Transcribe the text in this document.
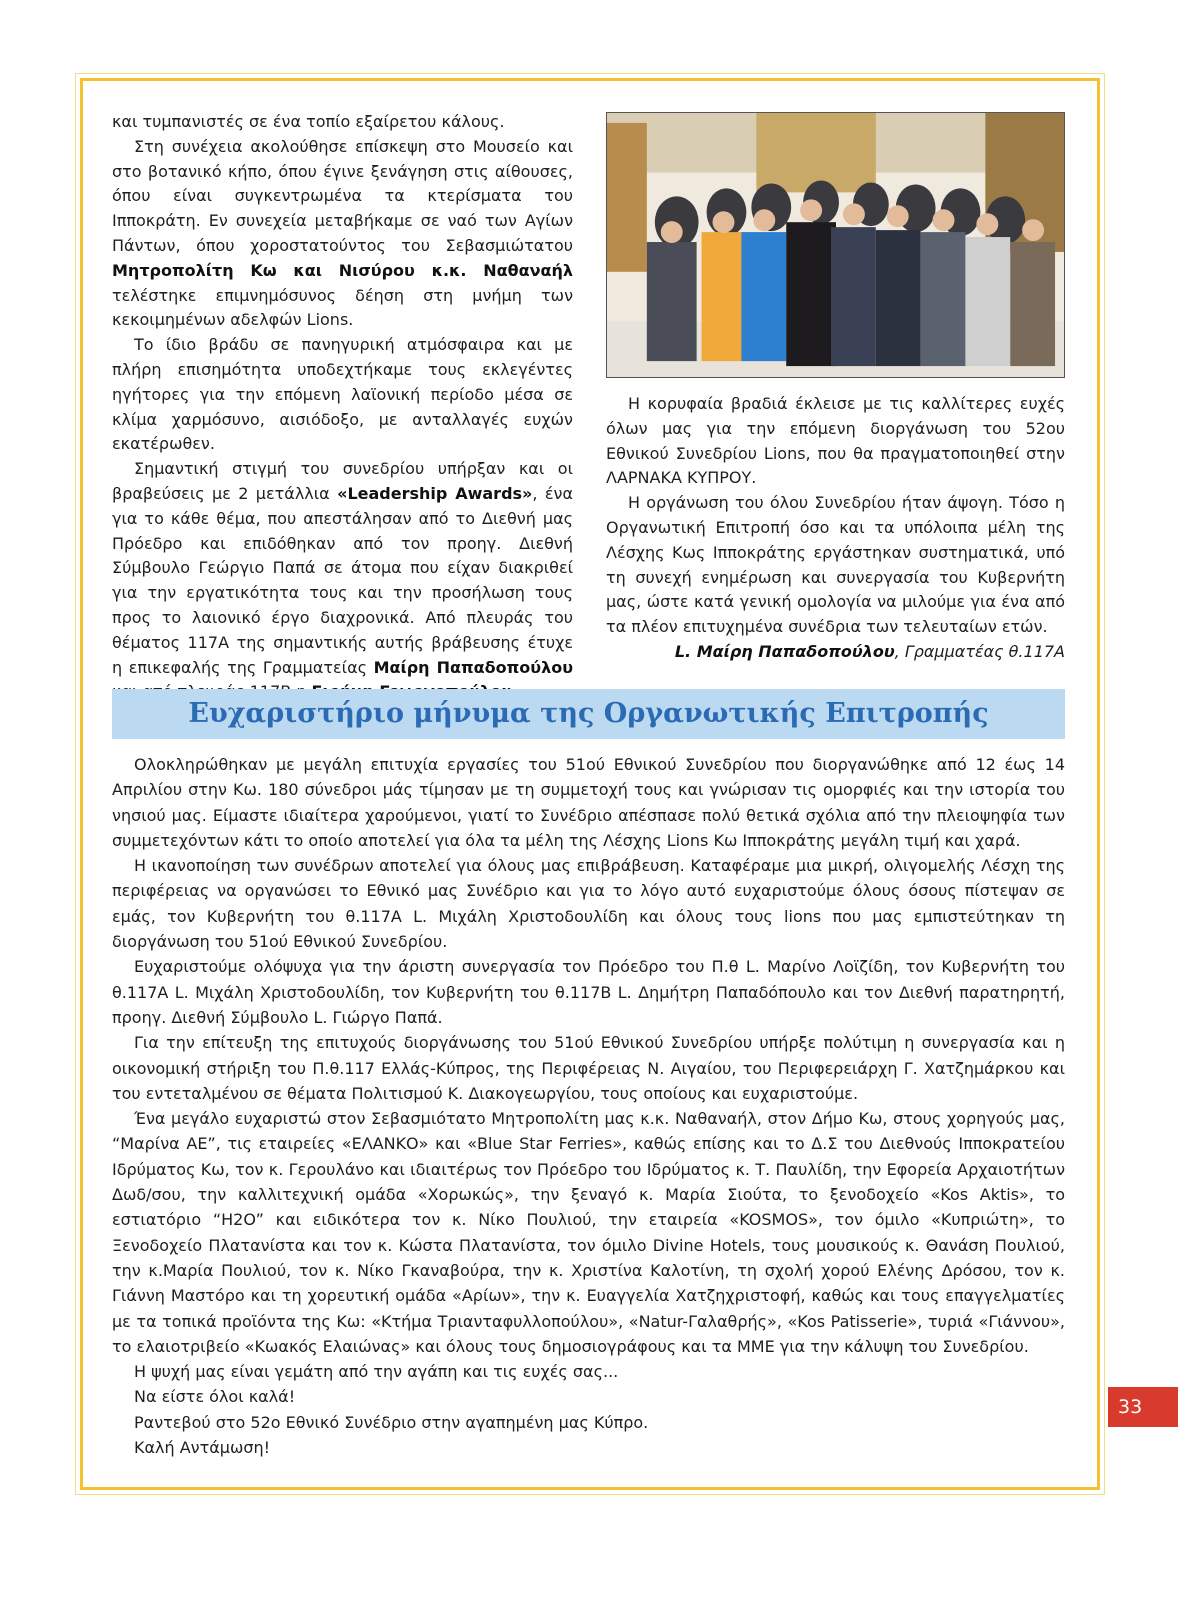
και τυμπανιστές σε ένα τοπίο εξαίρετου κάλους.

Στη συνέχεια ακολούθησε επίσκεψη στο Μουσείο και στο βοτανικό κήπο, όπου έγινε ξενάγηση στις αίθουσες, όπου είναι συγκεντρωμένα τα κτερίσματα του Ιπποκράτη. Εν συνεχεία μεταβήκαμε σε ναό των Αγίων Πάντων, όπου χοροστατούντος του Σεβασμιώτατου Μητροπολίτη Κω και Νισύρου κ.κ. Ναθαναήλ τελέστηκε επιμνημόσυνος δέηση στη μνήμη των κεκοιμημένων αδελφών Lions.

Το ίδιο βράδυ σε πανηγυρική ατμόσφαιρα και με πλήρη επισημότητα υποδεχτήκαμε τους εκλεγέντες ηγήτορες για την επόμενη λαϊονική περίοδο μέσα σε κλίμα χαρμόσυνο, αισιόδοξο, με ανταλλαγές ευχών εκατέρωθεν.

Σημαντική στιγμή του συνεδρίου υπήρξαν και οι βραβεύσεις με 2 μετάλλια «Leadership Awards», ένα για το κάθε θέμα, που απεστάλησαν από το Διεθνή μας Πρόεδρο και επιδόθηκαν από τον προηγ. Διεθνή Σύμβουλο Γεώργιο Παπά σε άτομα που είχαν διακριθεί για την εργατικότητα τους και την προσήλωση τους προς το λαιονικό έργο διαχρονικά. Από πλευράς του θέματος 117Α της σημαντικής αυτής βράβευσης έτυχε η επικεφαλής της Γραμματείας Μαίρη Παπαδοπούλου

Η κορυφαία βραδιά έκλεισε με τις καλλίτερες ευχές όλων μας για την επόμενη διοργάνωση του 52ου Εθνικού Συνεδρίου Lions, που θα πραγματοποιηθεί στην ΛΑΡΝΑΚΑ ΚΥΠΡΟΥ.

Η οργάνωση του όλου Συνεδρίου ήταν άψογη. Τόσο η Οργανωτική Επιτροπή όσο και τα υπόλοιπα μέλη της Λέσχης Κως Ιπποκράτης εργάστηκαν συστηματικά, υπό τη συνεχή ενημέρωση και συνεργασία του Κυβερνήτη μας, ώστε κατά γενική ομολογία να μιλούμε για ένα από τα πλέον επιτυχημένα συνέδρια των τελευταίων ετών.

L. Μαίρη Παπαδοπούλου, Γραμματέας θ.117Α
Ευχαριστήριο μήνυμα της Οργανωτικής Επιτροπής

Ολοκληρώθηκαν με μεγάλη επιτυχία εργασίες του 51ού Εθνικού Συνεδρίου που διοργανώθηκε από 12 έως 14 Απριλίου στην Κω. 180 σύνεδροι μάς τίμησαν με τη συμμετοχή τους και γνώρισαν τις ομορφιές και την ιστορία του νησιού μας. Είμαστε ιδιαίτερα χαρούμενοι, γιατί το Συνέδριο απέσπασε πολύ θετικά σχόλια από την πλειοψηφία των συμμετεχόντων κάτι το οποίο αποτελεί για όλα τα μέλη της Λέσχης Lions Κω Ιπποκράτης μεγάλη τιμή και χαρά.

Η ικανοποίηση των συνέδρων αποτελεί για όλους μας επιβράβευση. Καταφέραμε μια μικρή, ολιγομελής Λέσχη της περιφέρειας να οργανώσει το Εθνικό μας Συνέδριο και για το λόγο αυτό ευχαριστούμε όλους όσους πίστεψαν σε εμάς, τον Κυβερνήτη του θ.117Α L. Μιχάλη Χριστοδουλίδη και όλους τους lions που μας εμπιστεύτηκαν τη διοργάνωση του 51ού Εθνικού Συνεδρίου.

Ευχαριστούμε ολόψυχα για την άριστη συνεργασία τον Πρόεδρο του Π.θ L. Μαρίνο Λοϊζίδη, τον Κυβερνήτη του θ.117Α L. Μιχάλη Χριστοδουλίδη, τον Κυβερνήτη του θ.117Β L. Δημήτρη Παπαδόπουλο και τον Διεθνή παρατηρητή, προηγ. Διεθνή Σύμβουλο L. Γιώργο Παπά.

Για την επίτευξη της επιτυχούς διοργάνωσης του 51ού Εθνικού Συνεδρίου υπήρξε πολύτιμη η συνεργασία και η οικονομική στήριξη του Π.θ.117 Ελλάς-Κύπρος, της Περιφέρειας Ν. Αιγαίου, του Περιφερειάρχη Γ. Χατζημάρκου και του εντεταλμένου σε θέματα Πολιτισμού Κ. Διακογεωργίου, τους οποίους και ευχαριστούμε.

Ένα μεγάλο ευχαριστώ στον Σεβασμιότατο Μητροπολίτη μας κ.κ. Ναθαναήλ, στον Δήμο Κω, στους χορηγούς μας, “Μαρίνα ΑΕ”, τις εταιρείες «ΕΛΑΝΚΟ» και «Blue Star Ferries», καθώς επίσης και το Δ.Σ του Διεθνούς Ιπποκρατείου Ιδρύματος Κω, τον κ. Γερουλάνο και ιδιαιτέρως τον Πρόεδρο του Ιδρύματος κ. Τ. Παυλίδη, την Εφορεία Αρχαιοτήτων Δωδ/σου, την καλλιτεχνική ομάδα «Χορωκώς», την ξεναγό κ. Μαρία Σιούτα, το ξενοδοχείο «Kos Aktis», το εστιατόριο “H2O” και ειδικότερα τον κ. Νίκο Πουλιού, την εταιρεία «KOSMOS», τον όμιλο «Κυπριώτη», το Ξενοδοχείο Πλατανίστα και τον κ. Κώστα Πλατανίστα, τον όμιλο Divine Hotels, τους μουσικούς κ. Θανάση Πουλιού, την κ.Μαρία Πουλιού, τον κ. Νίκο Γκαναβούρα, την κ. Χριστίνα Καλοτίνη, τη σχολή χορού Ελένης Δρόσου, τον κ. Γιάννη Μαστόρο και τη χορευτική ομάδα «Αρίων», την κ. Ευαγγελία Χατζηχριστοφή, καθώς και τους επαγγελματίες με τα τοπικά προϊόντα της Κω: «Κτήμα Τριανταφυλλοπούλου», «Natur-Γαλαθρής», «Kos Patisserie», τυριά «Γιάννου», το ελαιοτριβείο «Κωακός Ελαιώνας» και όλους τους δημοσιογράφους και τα ΜΜΕ για την κάλυψη του Συνεδρίου.

Η ψυχή μας είναι γεμάτη από την αγάπη και τις ευχές σας...

Να είστε όλοι καλά!

Ραντεβού στο 52ο Εθνικό Συνέδριο στην αγαπημένη μας Κύπρο.

Καλή Αντάμωση!

33
